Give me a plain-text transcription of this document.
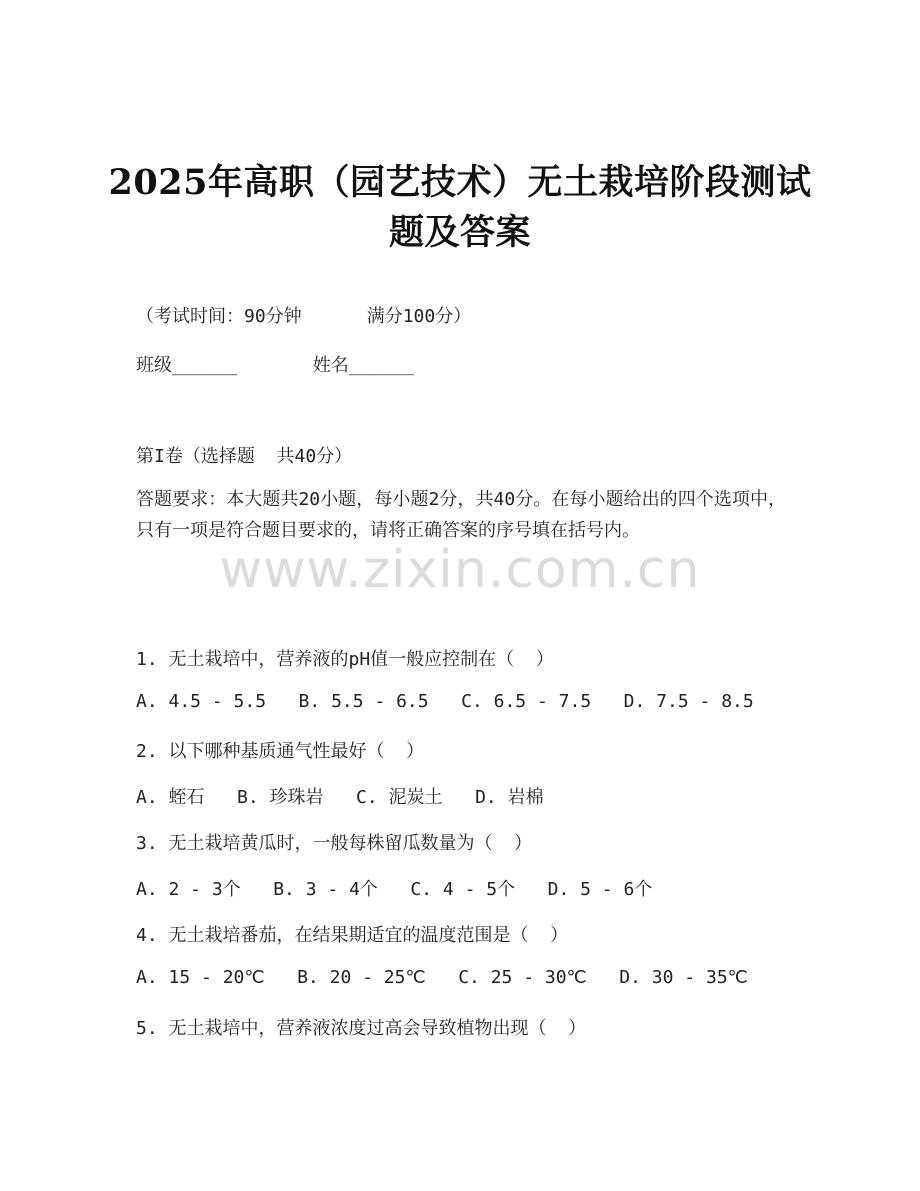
2025年高职（园艺技术）无土栽培阶段测试
题及答案
（考试时间：90分钟      满分100分）
班级______       姓名______
第I卷（选择题  共40分）
答题要求：本大题共20小题，每小题2分，共40分。在每小题给出的四个选项中，只有一项是符合题目要求的，请将正确答案的序号填在括号内。
www.zixin.com.cn
1. 无土栽培中，营养液的pH值一般应控制在（  ）
A. 4.5 - 5.5   B. 5.5 - 6.5   C. 6.5 - 7.5   D. 7.5 - 8.5
2. 以下哪种基质通气性最好（  ）
A. 蛭石   B. 珍珠岩   C. 泥炭土   D. 岩棉
3. 无土栽培黄瓜时，一般每株留瓜数量为（  ）
A. 2 - 3个   B. 3 - 4个   C. 4 - 5个   D. 5 - 6个
4. 无土栽培番茄，在结果期适宜的温度范围是（  ）
A. 15 - 20℃   B. 20 - 25℃   C. 25 - 30℃   D. 30 - 35℃
5. 无土栽培中，营养液浓度过高会导致植物出现（  ）
